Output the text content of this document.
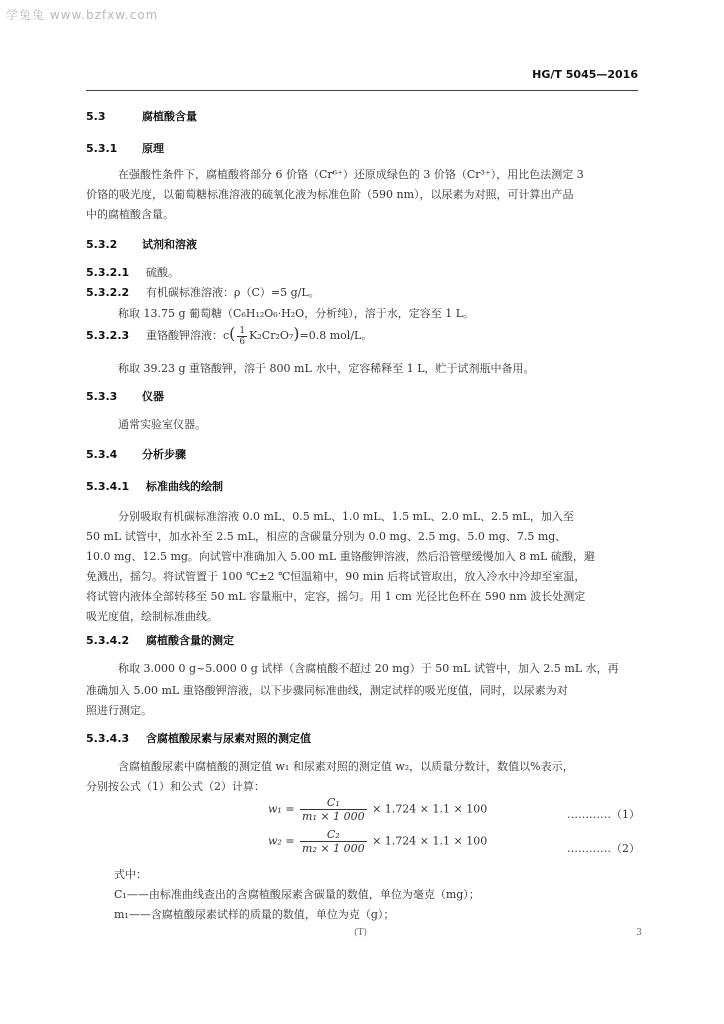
学兔兔 www.bzfxw.com
HG/T 5045—2016
5.3	腐植酸含量
5.3.1 原理
在强酸性条件下，腐植酸将部分 6 价铬（Cr⁶⁺）还原成绿色的 3 价铬（Cr³⁺），用比色法测定 3
价铬的吸光度，以葡萄糖标准溶液的硫氧化液为标准色阶（590 nm），以尿素为对照，可计算出产品
中的腐植酸含量。
5.3.2 试剂和溶液
5.3.2.1 硫酸。
5.3.2.2 有机碳标准溶液：ρ（C）=5 g/L。
称取 13.75 g 葡萄糖（C₆H₁₂O₆·H₂O，分析纯），溶于水，定容至 1 L。
5.3.2.3 重铬酸钾溶液：$c( \frac{1}{6} K_2Cr_2O_7)=0.8$ mol/L。
称取 39.23 g 重铬酸钾，溶于 800 mL 水中，定容稀释至 1 L，贮于试剂瓶中备用。
5.3.3 仪器
通常实验室仪器。
5.3.4 分析步骤
5.3.4.1 标准曲线的绘制
分别吸取有机碳标准溶液 0.0 mL、0.5 mL、1.0 mL、1.5 mL、2.0 mL、2.5 mL，加入至
50 mL 试管中，加水补至 2.5 mL，相应的含碳量分别为 0.0 mg、2.5 mg、5.0 mg、7.5 mg、
10.0 mg、12.5 mg。向试管中准确加入 5.00 mL 重铬酸钾溶液，然后沿管壁缓慢加入 8 mL 硫酸，避
免溅出，摇匀。将试管置于 100 ℃±2 ℃恒温箱中，90 min 后将试管取出，放入冷水中冷却至室温，
将试管内液体全部转移至 50 mL 容量瓶中，定容，摇匀。用 1 cm 光径比色杯在 590 nm 波长处测定
吸光度值，绘制标准曲线。
5.3.4.2 腐植酸含量的测定
称取 3.000 0 g~5.000 0 g 试样（含腐植酸不超过 20 mg）于 50 mL 试管中，加入 2.5 mL 水，再
准确加入 5.00 mL 重铬酸钾溶液，以下步骤同标准曲线，测定试样的吸光度值，同时，以尿素为对
照进行测定。
5.3.4.3 含腐植酸尿素与尿素对照的测定值
含腐植酸尿素中腐植酸的测定值 w₁ 和尿素对照的测定值 w₂，以质量分数计，数值以%表示，
分别按公式（1）和公式（2）计算：
$w_1 = \frac{\text{C₁}}{\text{m₁ × 1 000}} \times 1.724 \times 1.1 \times 100$	…………（1）
$w_2 = \frac{\text{C₂}}{\text{m₂ × 1 000}} \times 1.724 \times 1.1 \times 100$
…………（2）
式中：
C₁——由标准曲线查出的含腐植酸尿素含碳量的数值，单位为毫克（mg）；
m₁——含腐植酸尿素试样的质量的数值，单位为克（g）；
(T)	3
